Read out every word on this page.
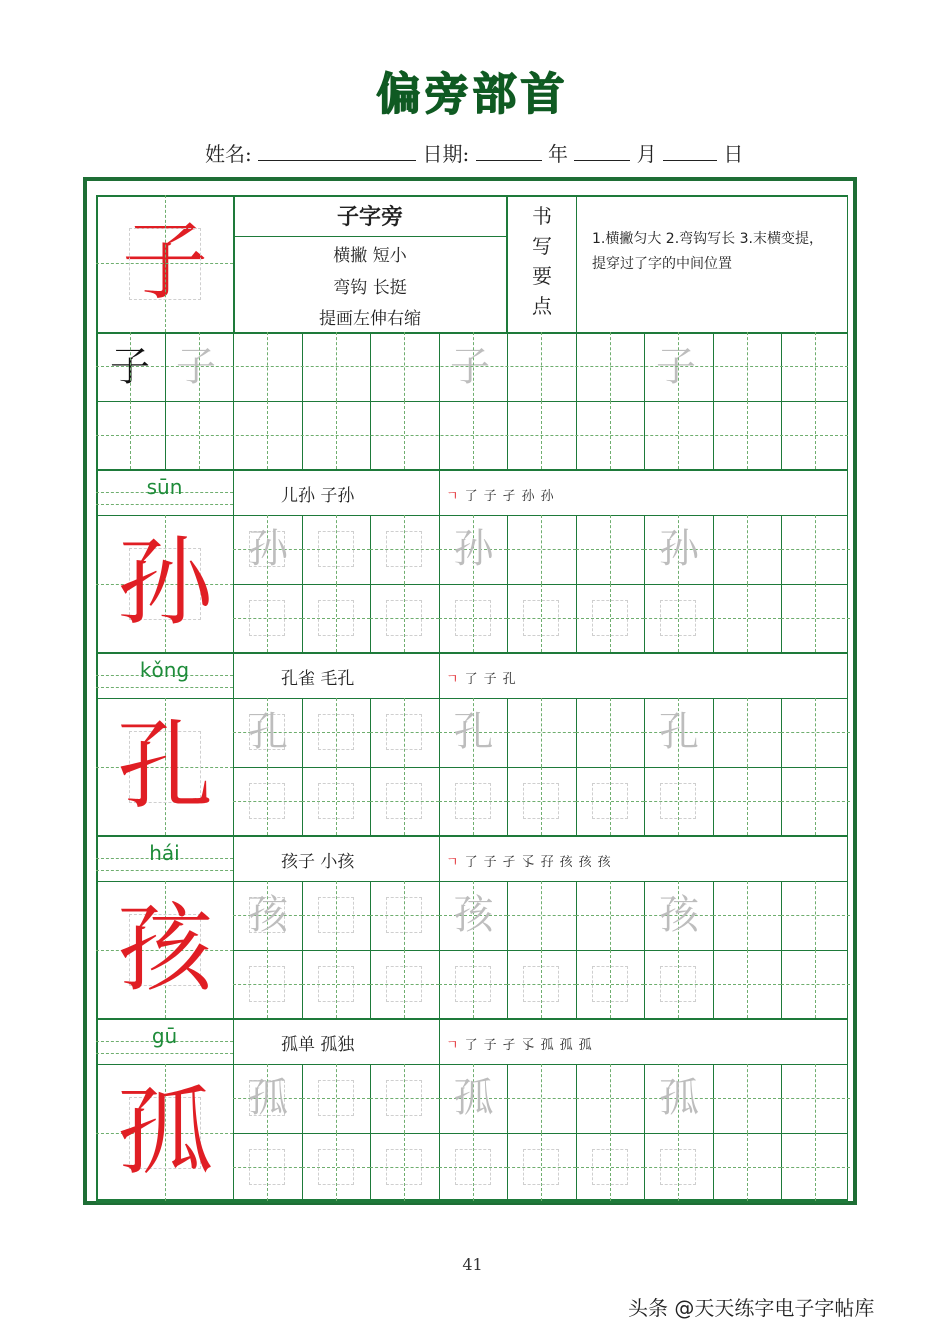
偏旁部首
姓名:	日期:	年	月	日
子	子字旁
横撇 短小
弯钩 长挺
提画左伸右缩
书
写
要
点
1.横撇匀大 2.弯钩写长 3.末横变提，提穿过了字的中间位置
子 子	子	子
sūn	儿孙 子孙	ㄱ了子孑孙孙
孙 孙	孙	孙
kǒng	孔雀 毛孔	ㄱ了子孔
孔 孔	孔	孔
hái	孩子 小孩	ㄱ了子孑孓孖孩孩孩
孩 孩	孩	孩
gū	孤单 孤独	ㄱ了子孑孓孤孤孤
孤 孤	孤	孤
41
头条 @天天练字电子字帖库
